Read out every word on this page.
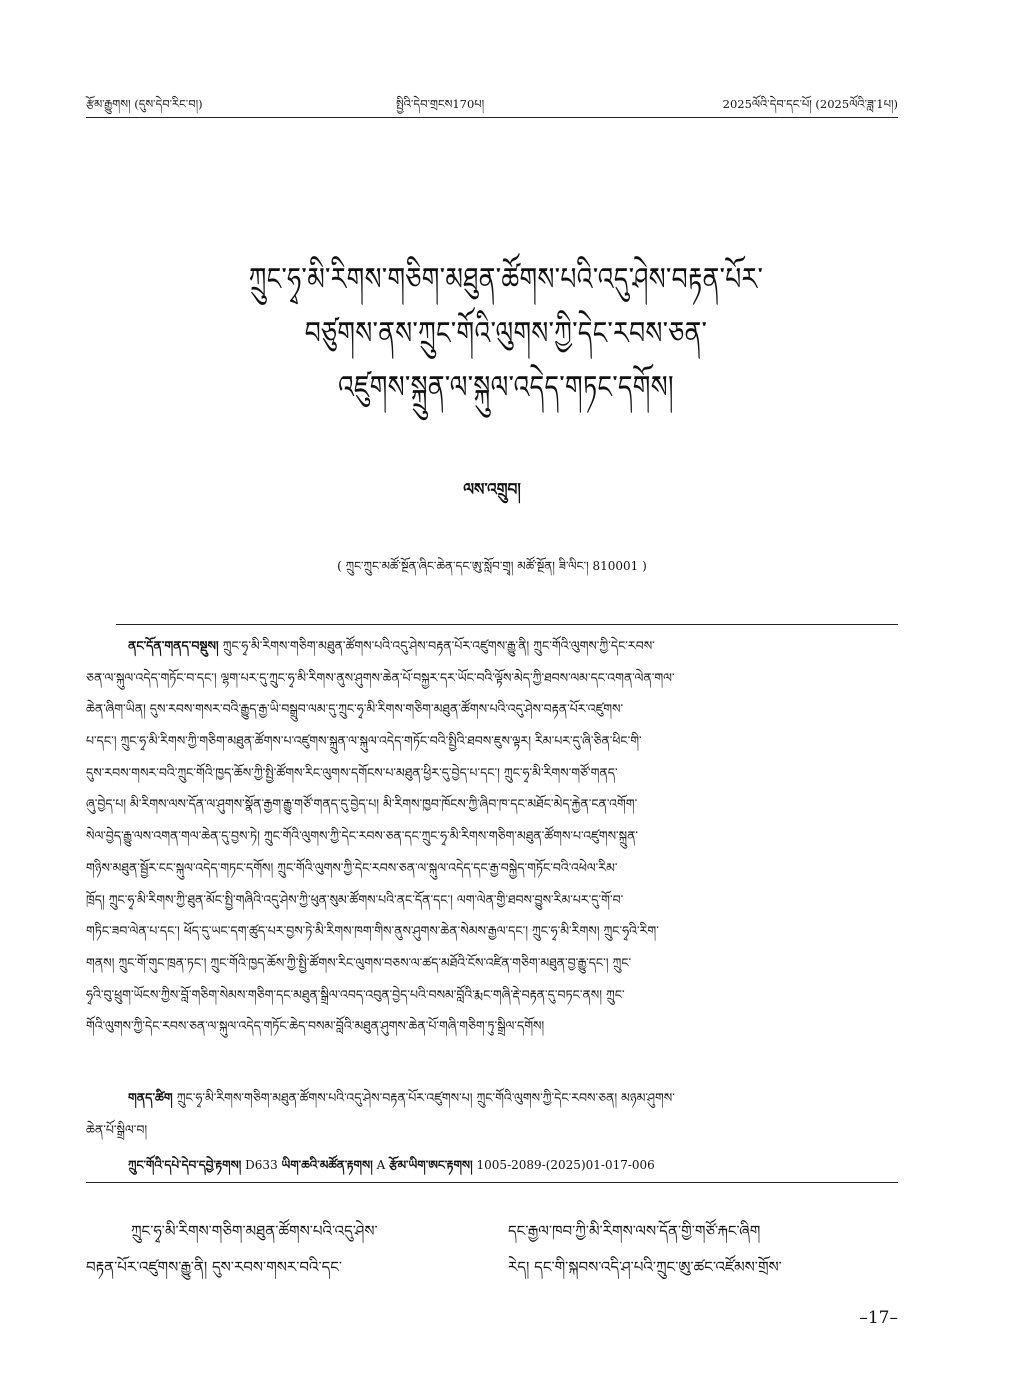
རྩོམ་རྒྱུགས། (དུས་དེབ་རིང་བ།)	སྤྱིའི་དེབ་གྲངས170པ།	2025ལོའི་དེབ་དང་པོ། (2025ལོའི་ཟླ་1པ།)
ཀྲུང་ཧྭ་མི་རིགས་གཅིག་མཐུན་ཚོགས་པའི་འདུ་ཤེས་བརྟན་པོར་
བཙུགས་ནས་ཀྲུང་གོའི་ལུགས་ཀྱི་དེང་རབས་ཅན་
འཛུགས་སྐྲུན་ལ་སྐུལ་འདེད་གཏང་དགོས།
ལས་འགྲུབ།
( ཀྲུང་ཀྲུང་མཚོ་སྔོན་ཞིང་ཆེན་དང་ཨུ་སློབ་གྲྭ། མཚོ་སྔོན། ཟི་ལིང་། 810001 )
ནང་དོན་གནད་བསྡུས། ཀྲུང་ཧྭ་མི་རིགས་གཅིག་མཐུན་ཚོགས་པའི་འདུ་ཤེས་བརྟན་པོར་འཛུགས་རྒྱུ་ནི། ཀྲུང་གོའི་ལུགས་ཀྱི་དེང་རབས་
ཅན་ལ་སྐུལ་འདེད་གཏོང་བ་དང་། ལྷག་པར་དུ་ཀྲུང་ཧྭ་མི་རིགས་ནུས་ཤུགས་ཆེན་པོ་བསྐྱར་དར་ཡོང་བའི་ལྟོས་མེད་ཀྱི་ཐབས་ལམ་དང་འགན་ལེན་གལ་
ཆེན་ཞིག་ཡིན། དུས་རབས་གསར་བའི་རྒྱུད་རྒྱ་ཡི་བསྒྲུབ་ལམ་དུ་ཀྲུང་ཧྭ་མི་རིགས་གཅིག་མཐུན་ཚོགས་པའི་འདུ་ཤེས་བརྟན་པོར་འཛུགས་
པ་དང་། ཀྲུང་ཧྭ་མི་རིགས་ཀྱི་གཅིག་མཐུན་ཚོགས་པ་འཛུགས་སྐྲུན་ལ་སྐུལ་འདེད་གཏོང་བའི་སྤྱིའི་ཐབས་ཇུས་ལྟར། རིམ་པར་དུ་ཞི་ཅིན་ཕིང་གི་
དུས་རབས་གསར་བའི་ཀྲུང་གོའི་ཁྱད་ཆོས་ཀྱི་སྤྱི་ཚོགས་རིང་ལུགས་དགོངས་པ་མཐུན་ཕྱིར་དུ་བྱེད་པ་དང་། ཀྲུང་ཧྭ་མི་རིགས་གཙོ་གནད་
ཞུ་བྱེད་པ། མི་རིགས་ལས་དོན་ལ་ཤུགས་སྣོན་རྒྱག་རྒྱུ་གཙོ་གནད་དུ་བྱེད་པ། མི་རིགས་ཁྱབ་ཁོངས་ཀྱི་ཞིབ་ཁ་དང་མཐོང་མེད་རྐྱེན་ངན་འགོག་
སེལ་བྱེད་རྒྱུ་ལས་འགན་གལ་ཆེན་དུ་བྱས་ཏེ། ཀྲུང་གོའི་ལུགས་ཀྱི་དེང་རབས་ཅན་དང་ཀྲུང་ཧྭ་མི་རིགས་གཅིག་མཐུན་ཚོགས་པ་འཛུགས་སྐྲུན་
གཉིས་མཐུན་སྦྱོར་ངང་སྐུལ་འདེད་གཏང་དགོས། ཀྲུང་གོའི་ལུགས་ཀྱི་དེང་རབས་ཅན་ལ་སྐུལ་འདེད་དང་རྒྱ་བསྐྱེད་གཏོང་བའི་འཕེལ་རིམ་
ཁྲོད། ཀྲུང་ཧྭ་མི་རིགས་ཀྱི་ཐུན་མོང་སྤྱི་གཞིའི་འདུ་ཤེས་ཀྱི་ཕུན་སུམ་ཚོགས་པའི་ནང་དོན་དང་། ལག་ལེན་གྱི་ཐབས་བྱུས་རིམ་པར་དུ་གོ་བ་
གཏིང་ཟབ་ལེན་པ་དང་། ཕོད་དུ་ཡང་དག་ཚུད་པར་བྱས་ཏེ་མི་རིགས་ཁག་གིས་ནུས་ཤུགས་ཆེན་སེམས་རྒྱལ་དང་། ཀྲུང་ཧྭ་མི་རིགས། ཀྲུང་ཧྭའི་རིག་
གནས། ཀྲུང་གོ་གུང་ཁྲན་ཏང་། ཀྲུང་གོའི་ཁྱད་ཆོས་ཀྱི་སྤྱི་ཚོགས་རིང་ལུགས་བཅས་ལ་ཚད་མཐོའི་ངོས་འཛིན་གཅིག་མཐུན་བྱ་རྒྱུ་དང་། ཀྲུང་
ཧྭའི་བུ་ཕྲུག་ཡོངས་ཀྱིས་བློ་གཅིག་སེམས་གཅིག་དང་མཐུན་སྒྲིལ་འབད་འབུན་བྱེད་པའི་བསམ་བློའི་རྨང་གཞི་རྡེ་བརྟན་དུ་བཏང་ནས། ཀྲུང་
གོའི་ལུགས་ཀྱི་དེང་རབས་ཅན་ལ་སྐུལ་འདེད་གཏོང་ཆེད་བསམ་བློའི་མཐུན་ཤུགས་ཆེན་པོ་གཞི་གཅིག་ཏུ་སྒྲིལ་དགོས།
གནད་ཚིག ཀྲུང་ཧྭ་མི་རིགས་གཅིག་མཐུན་ཚོགས་པའི་འདུ་ཤེས་བརྟན་པོར་འཛུགས་པ། ཀྲུང་གོའི་ལུགས་ཀྱི་དེང་རབས་ཅན། མཉམ་ཤུགས་
ཆེན་པོ་སྒྲིལ་བ།
ཀྲུང་གོའི་དཔེ་དེབ་དབྱེ་རྟགས། D633 ཡིག་ཆའི་མཚོན་རྟགས། A རྩོམ་ཡིག་ཨང་རྟགས། 1005-2089-(2025)01-017-006
ཀྲུང་ཧྭ་མི་རིགས་གཅིག་མཐུན་ཚོགས་པའི་འདུ་ཤེས་
བརྟན་པོར་འཛུགས་རྒྱུ་ནི། དུས་རབས་གསར་བའི་དང་
དང་རྒྱལ་ཁབ་ཀྱི་མི་རིགས་ལས་དོན་གྱི་གཙོ་རྐང་ཞིག
རེད། དང་གི་སྐབས་འདི་ཤ་པའི་ཀྲུང་ཨུ་ཚང་འཛོམས་གྲོས་
–17–
